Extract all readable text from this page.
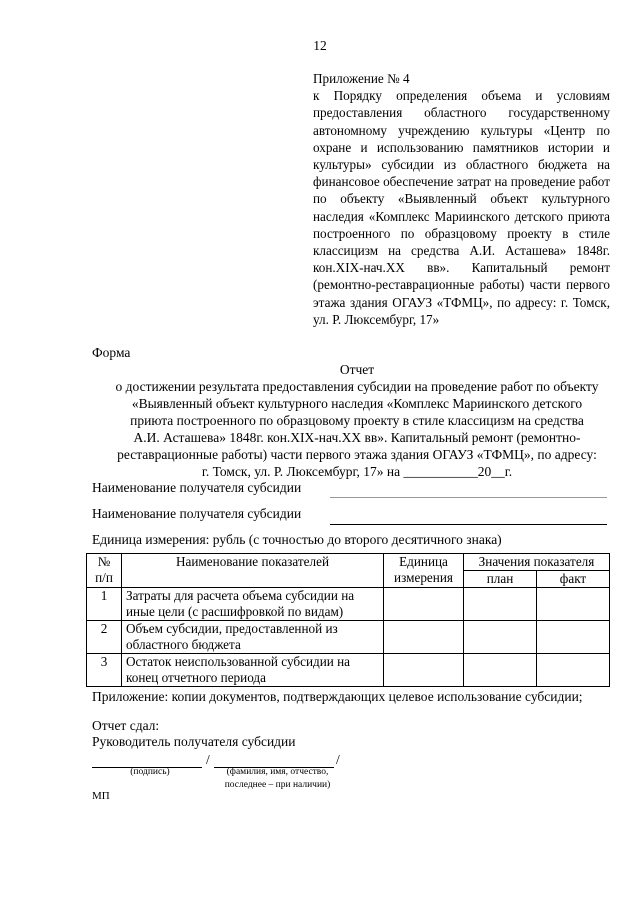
12
Приложение № 4
к Порядку определения объема и условиям предоставления областного государственному автономному учреждению культуры «Центр по охране и использованию памятников истории и культуры» субсидии из областного бюджета на финансовое обеспечение затрат на проведение работ по объекту «Выявленный объект культурного наследия «Комплекс Мариинского детского приюта построенного по образцовому проекту в стиле классицизм на средства А.И. Асташева» 1848г. кон.XIX-нач.XX вв». Капитальный ремонт (ремонтно-реставрационные работы) части первого этажа здания ОГАУЗ «ТФМЦ», по адресу: г. Томск, ул. Р. Люксембург, 17»
Форма
Отчет
о достижении результата предоставления субсидии на проведение работ по объекту
«Выявленный объект культурного наследия «Комплекс Мариинского детского
приюта построенного по образцовому проекту в стиле классицизм на средства
А.И. Асташева» 1848г. кон.XIX-нач.XX вв». Капитальный ремонт (ремонтно-
реставрационные работы) части первого этажа здания ОГАУЗ «ТФМЦ», по адресу:
г. Томск, ул. Р. Люксембург, 17» на ___________20__г.
Наименование получателя субсидии
Наименование получателя субсидии
Единица измерения: рубль (с точностью до второго десятичного знака)
№ п/п	Наименование показателей	Единица измерения	Значения показателя	
			план	факт
1	Затраты для расчета объема субсидии на иные цели (с расшифровкой по видам)			
2	Объем субсидии, предоставленной из областного бюджета			
3	Остаток неиспользованной субсидии на конец отчетного периода			
Приложение: копии документов, подтверждающих целевое использование субсидии;
Отчет сдал:
Руководитель получателя субсидии
/	/
(подпись)	(фамилия, имя, отчество,
последнее – при наличии)
МП
